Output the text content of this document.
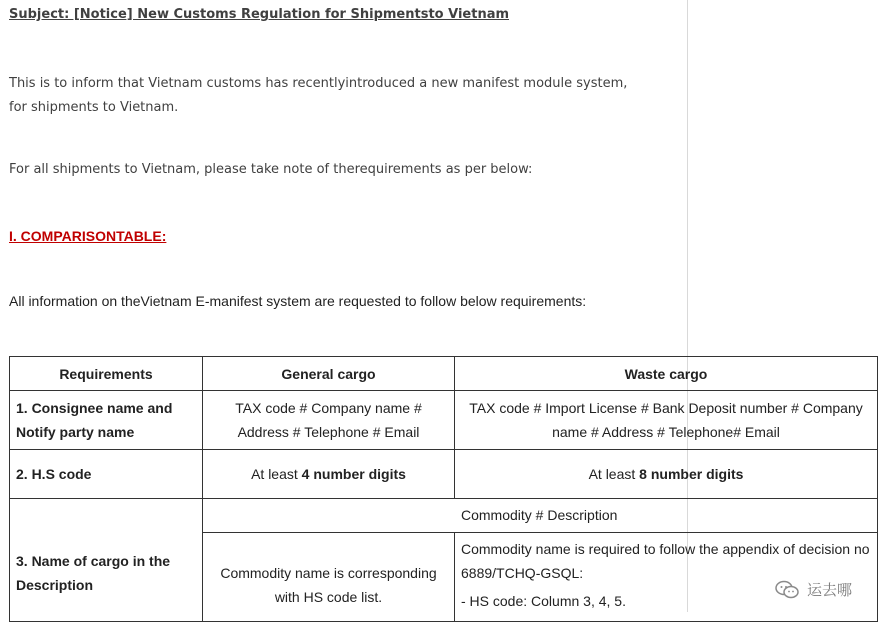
Subject: [Notice] New Customs Regulation for Shipmentsto Vietnam
This is to inform that Vietnam customs has recentlyintroduced a new manifest module system, for shipments to Vietnam.
For all shipments to Vietnam, please take note of therequirements as per below:
I. COMPARISONTABLE:
All information on theVietnam E-manifest system are requested to follow below requirements:
Requirements	General cargo	Waste cargo
1. Consignee name and Notify party name	TAX code # Company name # Address # Telephone # Email	TAX code # Import License # Bank Deposit number # Company name # Address # Telephone# Email
2. H.S code	At least 4 number digits	At least 8 number digits
3. Name of cargo in the Description	Commodity # Description	
	Commodity name is corresponding with HS code list.	Commodity name is required to follow the appendix of decision no 6889/TCHQ-GSQL:
- HS code: Column 3, 4, 5.
运去哪
